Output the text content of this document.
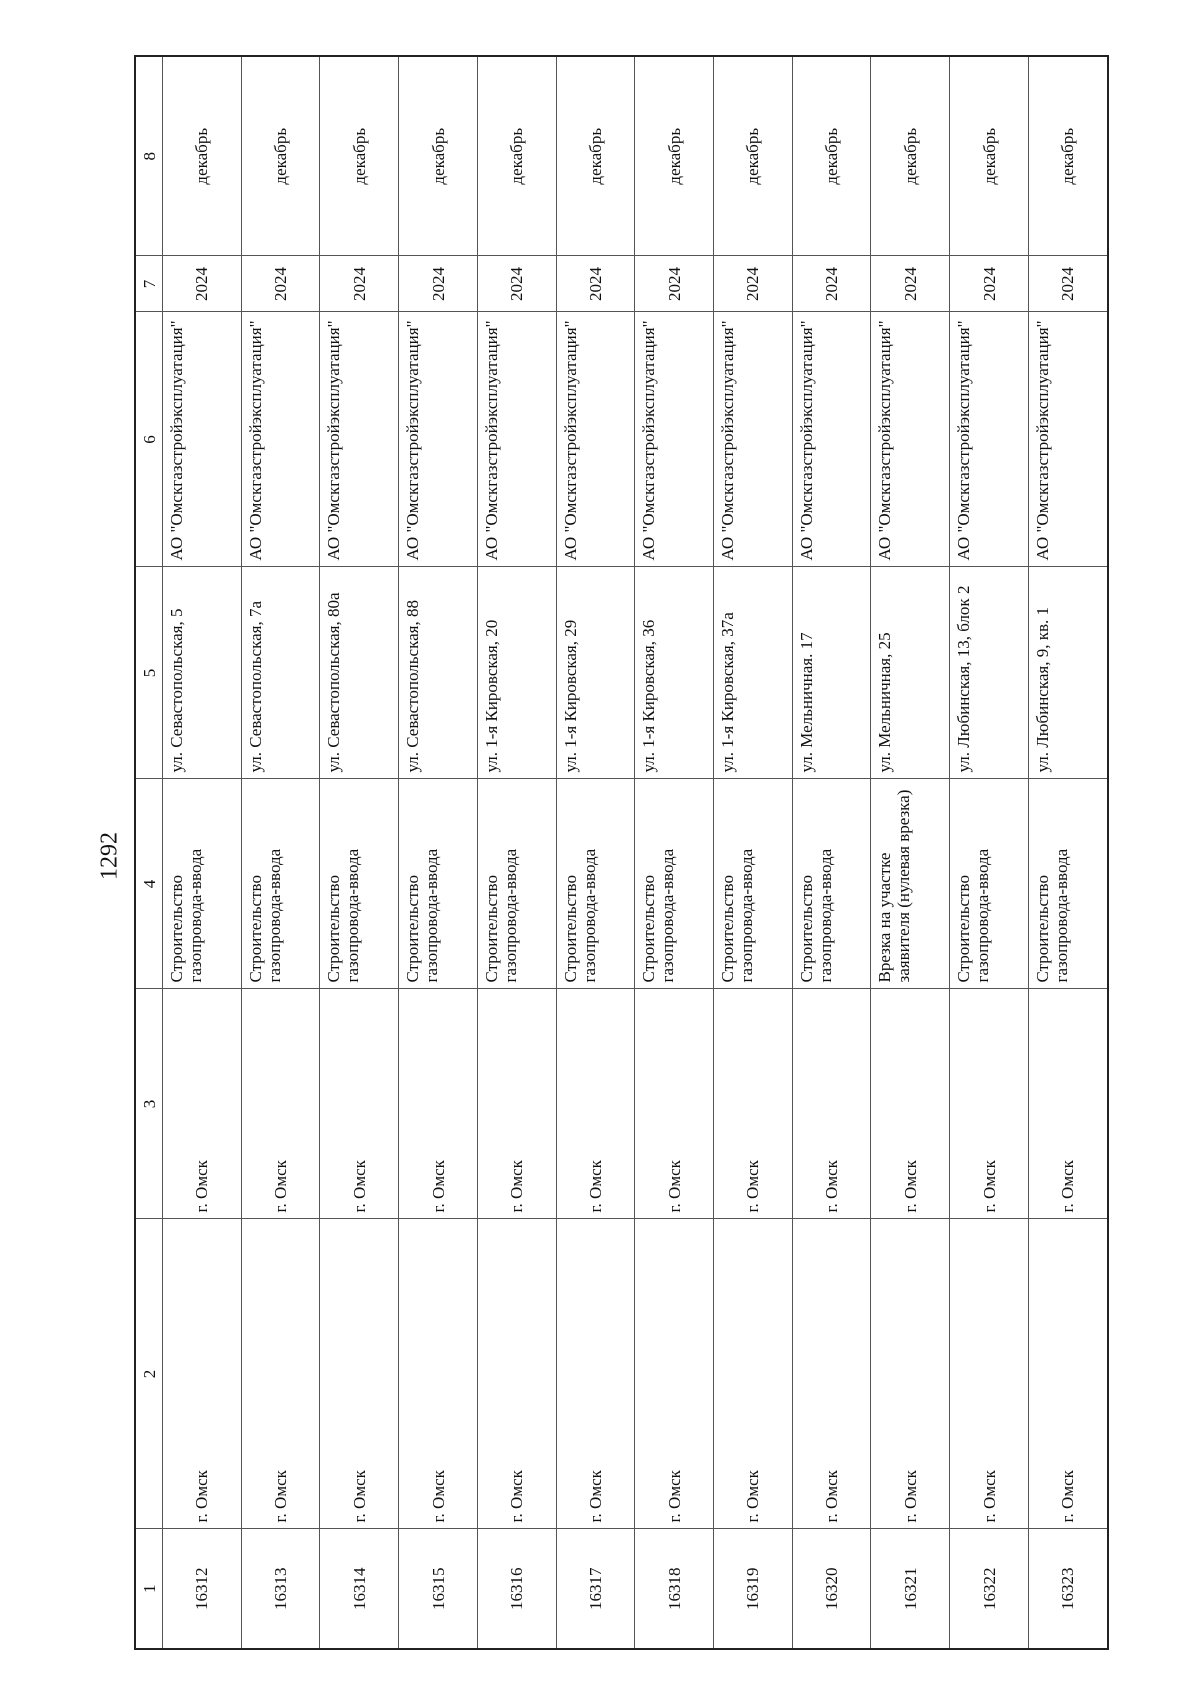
1292
1	2	3	4	5	6	7	8
16312	г. Омск	г. Омск	Строительство газопровода-ввода	ул. Севастопольская, 5	АО "Омскгазстройэксплуатация"	2024	декабрь
16313	г. Омск	г. Омск	Строительство газопровода-ввода	ул. Севастопольская, 7а	АО "Омскгазстройэксплуатация"	2024	декабрь
16314	г. Омск	г. Омск	Строительство газопровода-ввода	ул. Севастопольская, 80а	АО "Омскгазстройэксплуатация"	2024	декабрь
16315	г. Омск	г. Омск	Строительство газопровода-ввода	ул. Севастопольская, 88	АО "Омскгазстройэксплуатация"	2024	декабрь
16316	г. Омск	г. Омск	Строительство газопровода-ввода	ул. 1-я Кировская, 20	АО "Омскгазстройэксплуатация"	2024	декабрь
16317	г. Омск	г. Омск	Строительство газопровода-ввода	ул. 1-я Кировская, 29	АО "Омскгазстройэксплуатация"	2024	декабрь
16318	г. Омск	г. Омск	Строительство газопровода-ввода	ул. 1-я Кировская, 36	АО "Омскгазстройэксплуатация"	2024	декабрь
16319	г. Омск	г. Омск	Строительство газопровода-ввода	ул. 1-я Кировская, 37а	АО "Омскгазстройэксплуатация"	2024	декабрь
16320	г. Омск	г. Омск	Строительство газопровода-ввода	ул. Мельничная. 17	АО "Омскгазстройэксплуатация"	2024	декабрь
16321	г. Омск	г. Омск	Врезка на участке заявителя (нулевая врезка)	ул. Мельничная, 25	АО "Омскгазстройэксплуатация"	2024	декабрь
16322	г. Омск	г. Омск	Строительство газопровода-ввода	ул. Любинская, 13, блок 2	АО "Омскгазстройэксплуатация"	2024	декабрь
16323	г. Омск	г. Омск	Строительство газопровода-ввода	ул. Любинская, 9, кв. 1	АО "Омскгазстройэксплуатация"	2024	декабрь
